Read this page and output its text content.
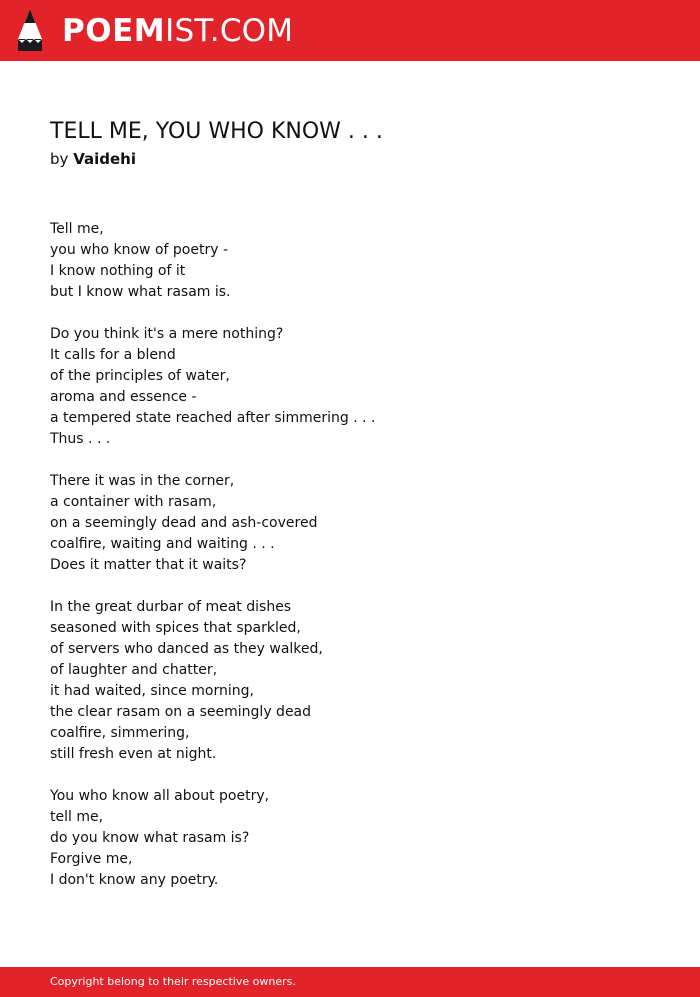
POEMIST.COM
TELL ME, YOU WHO KNOW . . .
by Vaidehi
Tell me,
you who know of poetry -
I know nothing of it
but I know what rasam is.
Do you think it's a mere nothing?
It calls for a blend
of the principles of water,
aroma and essence -
a tempered state reached after simmering . . .
Thus . . .
There it was in the corner,
a container with rasam,
on a seemingly dead and ash-covered
coalfire, waiting and waiting . . .
Does it matter that it waits?
In the great durbar of meat dishes
seasoned with spices that sparkled,
of servers who danced as they walked,
of laughter and chatter,
it had waited, since morning,
the clear rasam on a seemingly dead
coalfire, simmering,
still fresh even at night.
You who know all about poetry,
tell me,
do you know what rasam is?
Forgive me,
I don't know any poetry.
Copyright belong to their respective owners.
